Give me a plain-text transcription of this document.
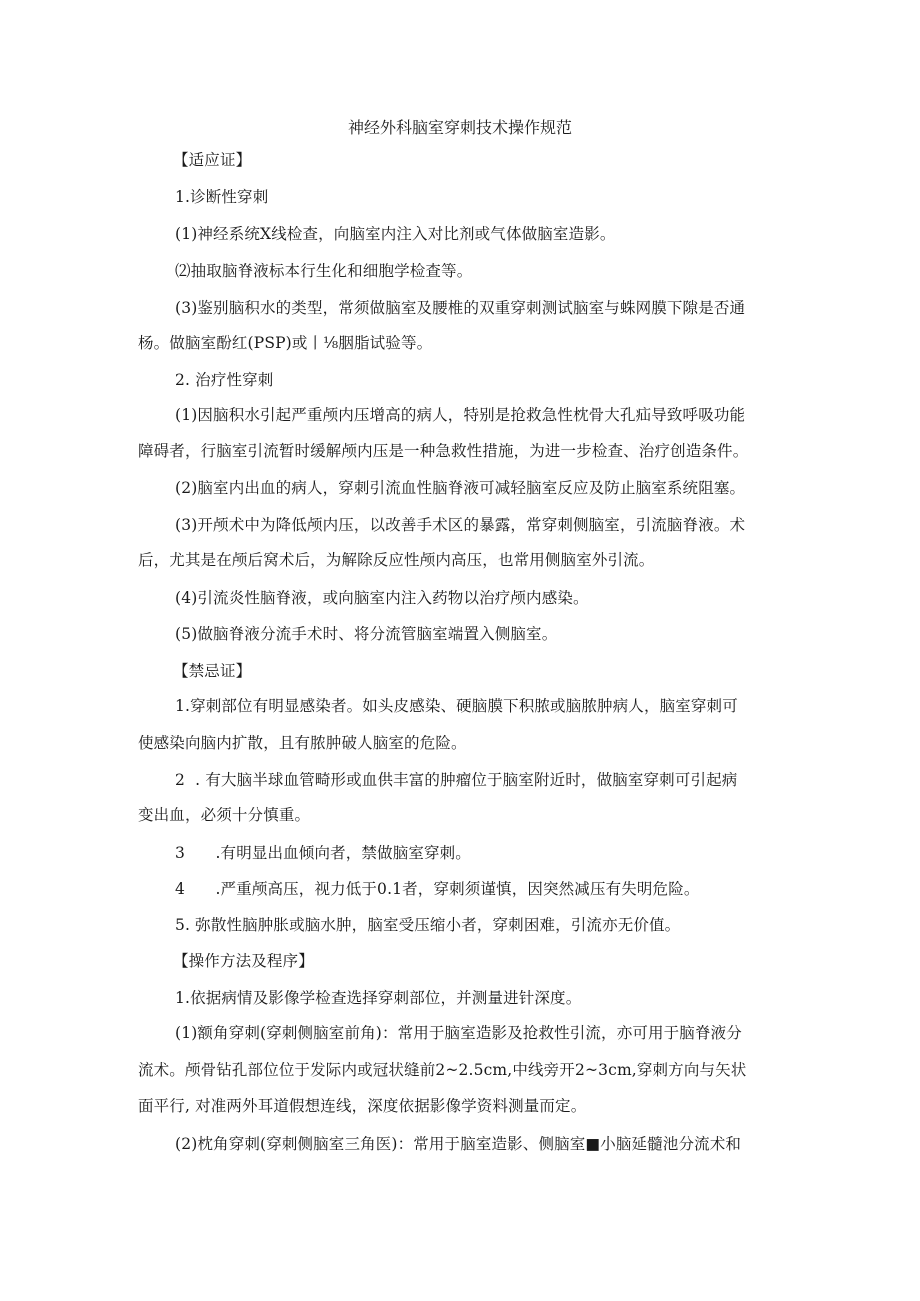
神经外科脑室穿刺技术操作规范
【适应证】
1.诊断性穿刺
(1)神经系统X线检查，向脑室内注入对比剂或气体做脑室造影。
⑵抽取脑脊液标本行生化和细胞学检查等。
(3)鉴别脑积水的类型，常须做脑室及腰椎的双重穿刺测试脑室与蛛网膜下隙是否通
杨。做脑室酚红(PSP)或丨⅛胭脂试验等。
2. 治疗性穿刺
(1)因脑积水引起严重颅内压增高的病人，特别是抢救急性枕骨大孔疝导致呼吸功能
障碍者，行脑室引流暂时缓解颅内压是一种急救性措施，为进一步检查、治疗创造条件。
(2)脑室内出血的病人，穿刺引流血性脑脊液可减轻脑室反应及防止脑室系统阻塞。
(3)开颅术中为降低颅内压，以改善手术区的暴露，常穿刺侧脑室，引流脑脊液。术
后，尤其是在颅后窝术后，为解除反应性颅内高压，也常用侧脑室外引流。
(4)引流炎性脑脊液，或向脑室内注入药物以治疗颅内感染。
(5)做脑脊液分流手术时、将分流管脑室端置入侧脑室。
【禁忌证】
1.穿刺部位有明显感染者。如头皮感染、硬脑膜下积脓或脑脓肿病人，脑室穿刺可
使感染向脑内扩散，且有脓肿破人脑室的危险。
2  . 有大脑半球血管畸形或血供丰富的肿瘤位于脑室附近时，做脑室穿刺可引起病
变出血，必须十分慎重。
3      .有明显出血倾向者，禁做脑室穿刺。
4      .严重颅高压，视力低于0.1者，穿刺须谨慎，因突然减压有失明危险。
5. 弥散性脑肿胀或脑水肿，脑室受压缩小者，穿刺困难，引流亦无价值。
【操作方法及程序】
1.依据病情及影像学检查选择穿刺部位，并测量进针深度。
(1)额角穿刺(穿刺侧脑室前角)：常用于脑室造影及抢救性引流，亦可用于脑脊液分
流术。颅骨钻孔部位位于发际内或冠状缝前2~2.5cm,中线旁开2~3cm,穿刺方向与矢状
面平行, 对准两外耳道假想连线，深度依据影像学资料测量而定。
(2)枕角穿刺(穿刺侧脑室三角医)：常用于脑室造影、侧脑室■小脑延髓池分流术和
